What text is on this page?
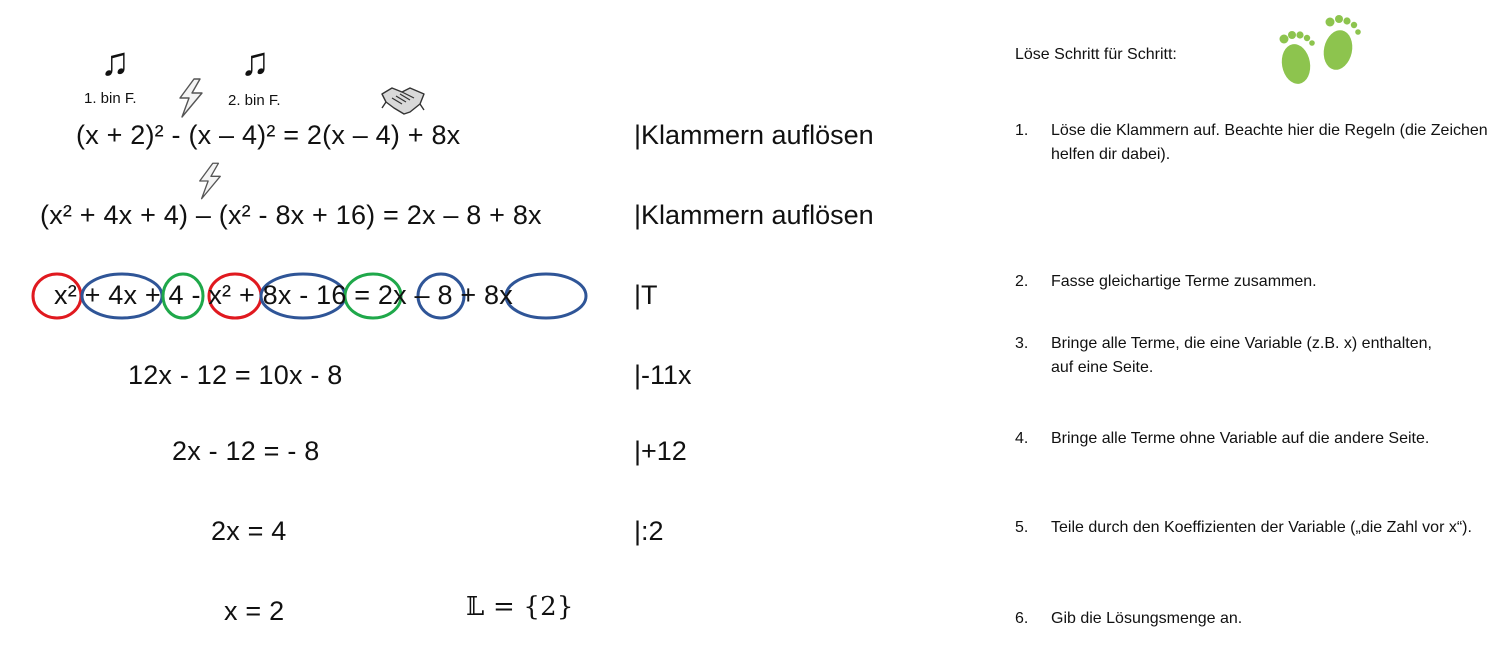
♫	♫
1. bin F.	2. bin F.
(x + 2)² - (x – 4)² = 2(x – 4) + 8x	|Klammern auflösen
(x² + 4x + 4) – (x² - 8x + 16) = 2x – 8 + 8x	|Klammern auflösen
x² + 4x + 4 - x² + 8x - 16 = 2x – 8 + 8x	|T
12x - 12 = 10x - 8	|-11x
2x - 12 = - 8	|+12
2x = 4	|:2
x = 2	𝕃 = {2}
Löse Schritt für Schritt:
1.	Löse die Klammern auf. Beachte hier die Regeln (die Zeichen helfen dir dabei).
2.	Fasse gleichartige Terme zusammen.
3.	Bringe alle Terme, die eine Variable (z.B. x) enthalten, auf eine Seite.
4.	Bringe alle Terme ohne Variable auf die andere Seite.
5.	Teile durch den Koeffizienten der Variable („die Zahl vor x“).
6.	Gib die Lösungsmenge an.
